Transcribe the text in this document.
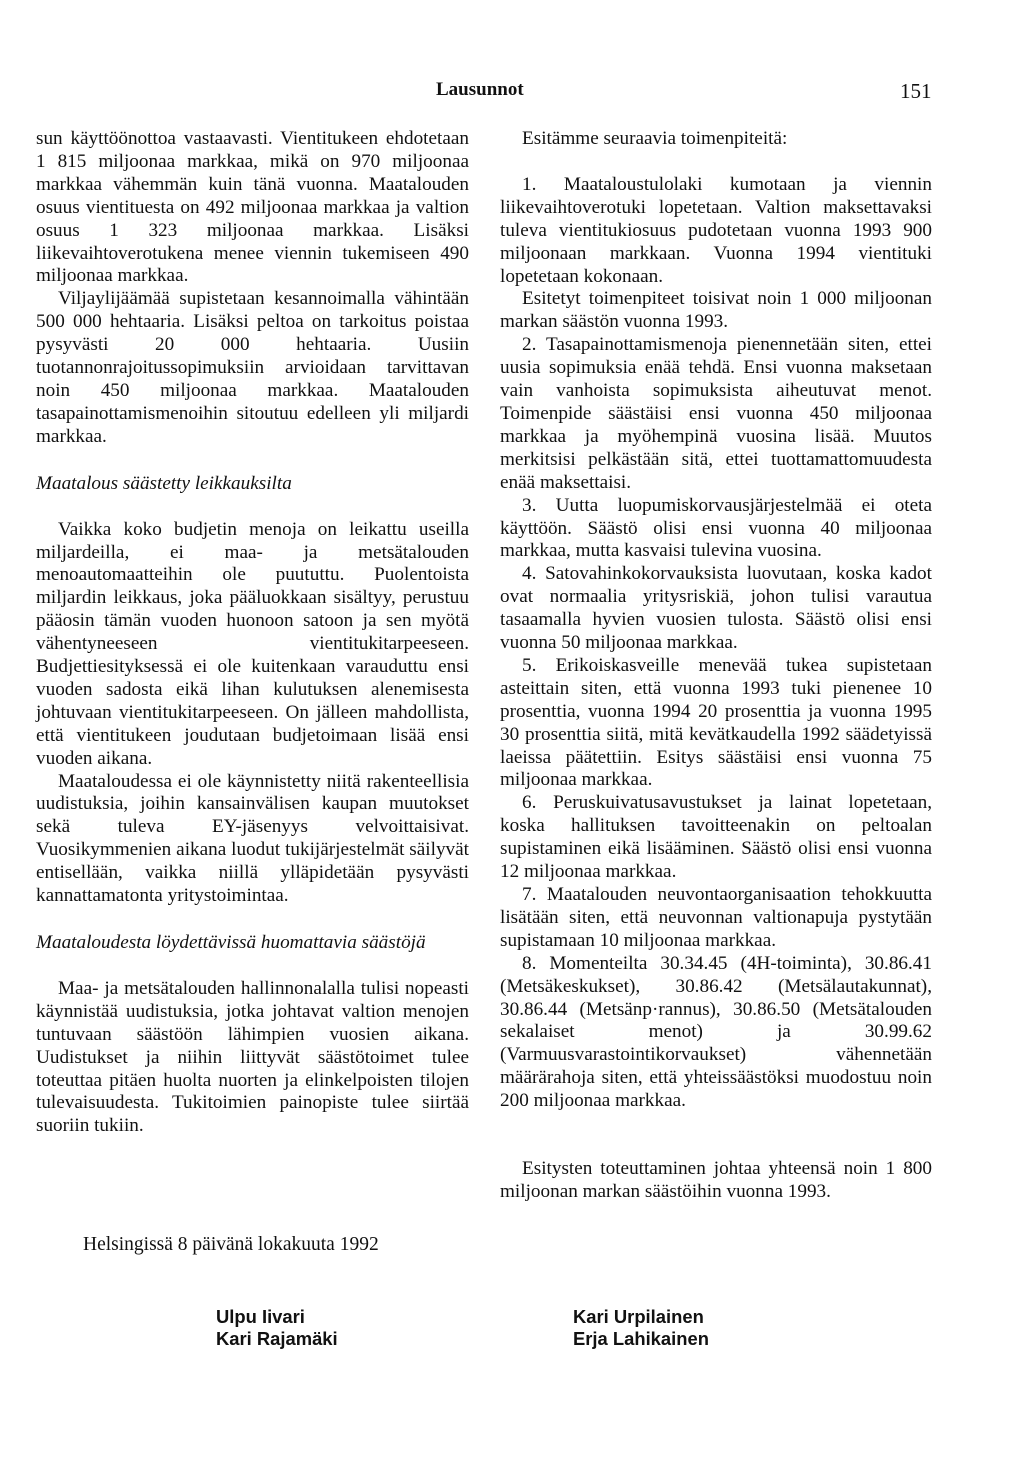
Lausunnot	151

sun käyttöönottoa vastaavasti. Vientitukeen ehdotetaan 1 815 miljoonaa markkaa, mikä on 970 miljoonaa markkaa vähemmän kuin tänä vuonna. Maatalouden osuus vientituesta on 492 miljoonaa markkaa ja valtion osuus 1 323 miljoonaa markkaa. Lisäksi liikevaihtoverotukena menee viennin tukemiseen 490 miljoonaa markkaa.

Viljaylijäämää supistetaan kesannoimalla vähintään 500 000 hehtaaria. Lisäksi peltoa on tarkoitus poistaa pysyvästi 20 000 hehtaaria. Uusiin tuotannonrajoitussopimuksiin arvioidaan tarvittavan noin 450 miljoonaa markkaa. Maatalouden tasapainottamismenoihin sitoutuu edelleen yli miljardi markkaa.

Maatalous säästetty leikkauksilta

Vaikka koko budjetin menoja on leikattu useilla miljardeilla, ei maa- ja metsätalouden menoautomaatteihin ole puututtu. Puolentoista miljardin leikkaus, joka pääluokkaan sisältyy, perustuu pääosin tämän vuoden huonoon satoon ja sen myötä vähentyneeseen vientitukitarpeeseen. Budjettiesityksessä ei ole kuitenkaan varauduttu ensi vuoden sadosta eikä lihan kulutuksen alenemisesta johtuvaan vientitukitarpeeseen. On jälleen mahdollista, että vientitukeen joudutaan budjetoimaan lisää ensi vuoden aikana.

Maataloudessa ei ole käynnistetty niitä rakenteellisia uudistuksia, joihin kansainvälisen kaupan muutokset sekä tuleva EY-jäsenyys velvoittaisivat. Vuosikymmenien aikana luodut tukijärjestelmät säilyvät entisellään, vaikka niillä ylläpidetään pysyvästi kannattamatonta yritystoimintaa.

Maataloudesta löydettävissä huomattavia säästöjä

Maa- ja metsätalouden hallinnonalalla tulisi nopeasti käynnistää uudistuksia, jotka johtavat valtion menojen tuntuvaan säästöön lähimpien vuosien aikana. Uudistukset ja niihin liittyvät säästötoimet tulee toteuttaa pitäen huolta nuorten ja elinkelpoisten tilojen tulevaisuudesta. Tukitoimien painopiste tulee siirtää suoriin tukiin.

Esitämme seuraavia toimenpiteitä:

1. Maataloustulolaki kumotaan ja viennin liikevaihtoverotuki lopetetaan. Valtion maksettavaksi tuleva vientitukiosuus pudotetaan vuonna 1993 900 miljoonaan markkaan. Vuonna 1994 vientituki lopetetaan kokonaan.

Esitetyt toimenpiteet toisivat noin 1 000 miljoonan markan säästön vuonna 1993.

2. Tasapainottamismenoja pienennetään siten, ettei uusia sopimuksia enää tehdä. Ensi vuonna maksetaan vain vanhoista sopimuksista aiheutuvat menot. Toimenpide säästäisi ensi vuonna 450 miljoonaa markkaa ja myöhempinä vuosina lisää. Muutos merkitsisi pelkästään sitä, ettei tuottamattomuudesta enää maksettaisi.

3. Uutta luopumiskorvausjärjestelmää ei oteta käyttöön. Säästö olisi ensi vuonna 40 miljoonaa markkaa, mutta kasvaisi tulevina vuosina.

4. Satovahinkokorvauksista luovutaan, koska kadot ovat normaalia yritysriskiä, johon tulisi varautua tasaamalla hyvien vuosien tulosta. Säästö olisi ensi vuonna 50 miljoonaa markkaa.

5. Erikoiskasveille menevää tukea supistetaan asteittain siten, että vuonna 1993 tuki pienenee 10 prosenttia, vuonna 1994 20 prosenttia ja vuonna 1995 30 prosenttia siitä, mitä kevätkaudella 1992 säädetyissä laeissa päätettiin. Esitys säästäisi ensi vuonna 75 miljoonaa markkaa.

6. Peruskuivatusavustukset ja lainat lopetetaan, koska hallituksen tavoitteenakin on peltoalan supistaminen eikä lisääminen. Säästö olisi ensi vuonna 12 miljoonaa markkaa.

7. Maatalouden neuvontaorganisaation tehokkuutta lisätään siten, että neuvonnan valtionapuja pystytään supistamaan 10 miljoonaa markkaa.

8. Momenteilta 30.34.45 (4H-toiminta), 30.86.41 (Metsäkeskukset), 30.86.42 (Metsälautakunnat), 30.86.44 (Metsänp·rannus), 30.86.50 (Metsätalouden sekalaiset menot) ja 30.99.62 (Varmuusvarastointikorvaukset) vähennetään määrärahoja siten, että yhteissäästöksi muodostuu noin 200 miljoonaa markkaa.

Esitysten toteuttaminen johtaa yhteensä noin 1 800 miljoonan markan säästöihin vuonna 1993.

Helsingissä 8 päivänä lokakuuta 1992
Ulpu Iivari
Kari Rajamäki
Kari Urpilainen
Erja Lahikainen
